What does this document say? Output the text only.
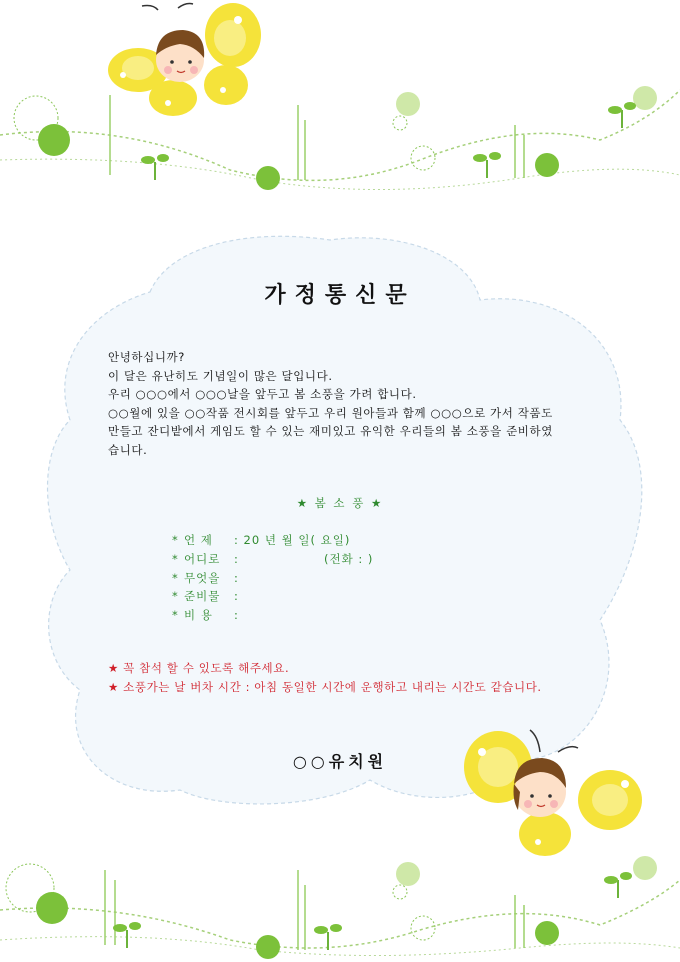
가정통신문
안녕하십니까?
이 달은 유난히도 기념일이 많은 달입니다.
우리 ○○○에서 ○○○날을 앞두고 봄 소풍을 가려 합니다.
○○월에 있을 ○○작품 전시회를 앞두고 우리 원아들과 함께 ○○○으로 가서 작품도
만들고 잔디밭에서 게임도 할 수 있는 재미있고 유익한 우리들의 봄 소풍을 준비하였
습니다.
★ 봄 소 풍 ★
* 언 제 : 20 년 월 일( 요일)
* 어디로 :	(전화 : )
* 무엇을 :
* 준비물 :
* 비 용 :
★ 꼭 참석 할 수 있도록 해주세요.
★ 소풍가는 날 버차 시간 : 아침 동일한 시간에 운행하고 내리는 시간도 같습니다.
○○유치원
